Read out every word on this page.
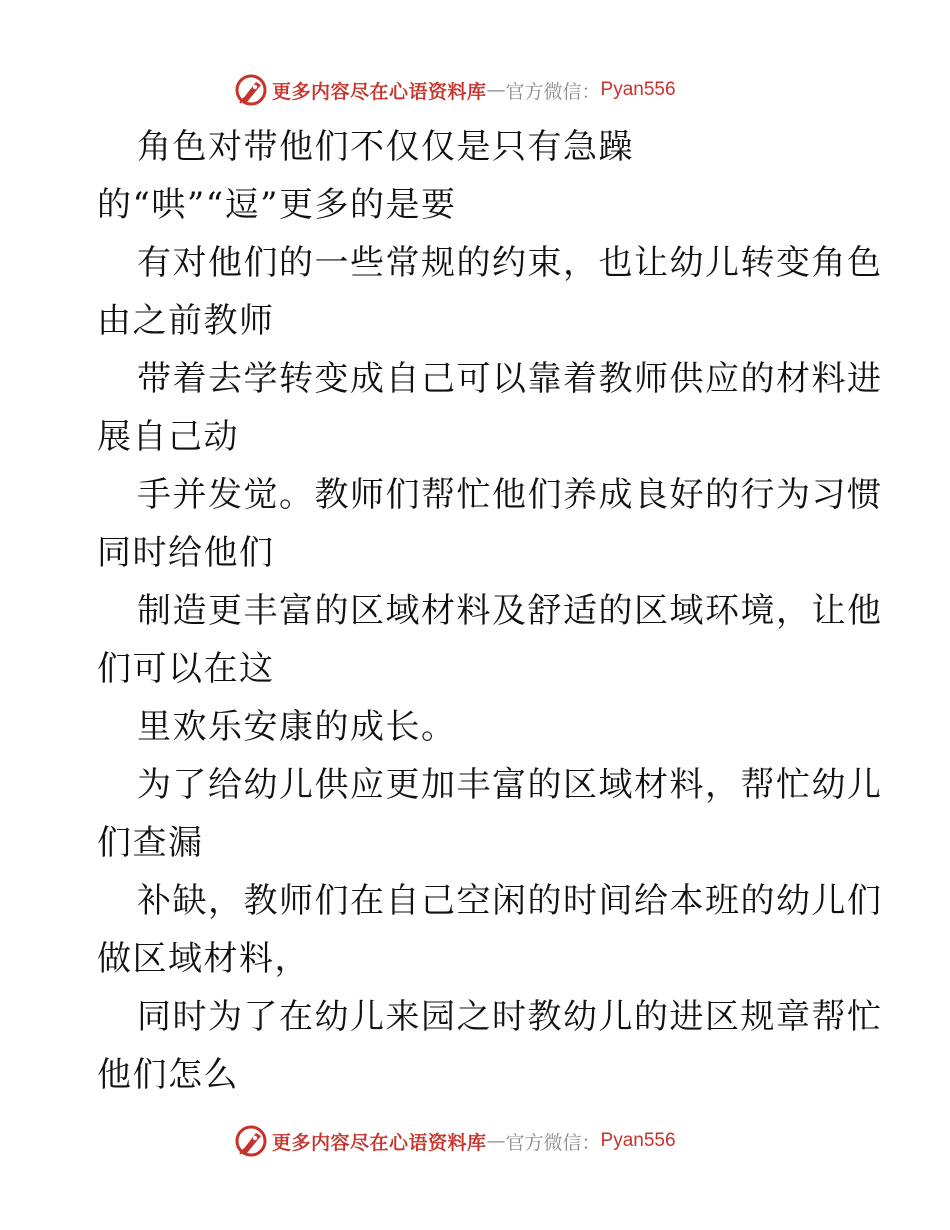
更多内容尽在心语资料库 — 官方微信： Pyan556
角色对带他们不仅仅是只有急躁
的“哄”“逗”更多的是要
有对他们的一些常规的约束，也让幼儿转变角色
由之前教师
带着去学转变成自己可以靠着教师供应的材料进
展自己动
手并发觉。教师们帮忙他们养成良好的行为习惯
同时给他们
制造更丰富的区域材料及舒适的区域环境，让他
们可以在这
里欢乐安康的成长。
为了给幼儿供应更加丰富的区域材料，帮忙幼儿
们查漏
补缺，教师们在自己空闲的时间给本班的幼儿们
做区域材料，
同时为了在幼儿来园之时教幼儿的进区规章帮忙
他们怎么
更多内容尽在心语资料库 — 官方微信： Pyan556
